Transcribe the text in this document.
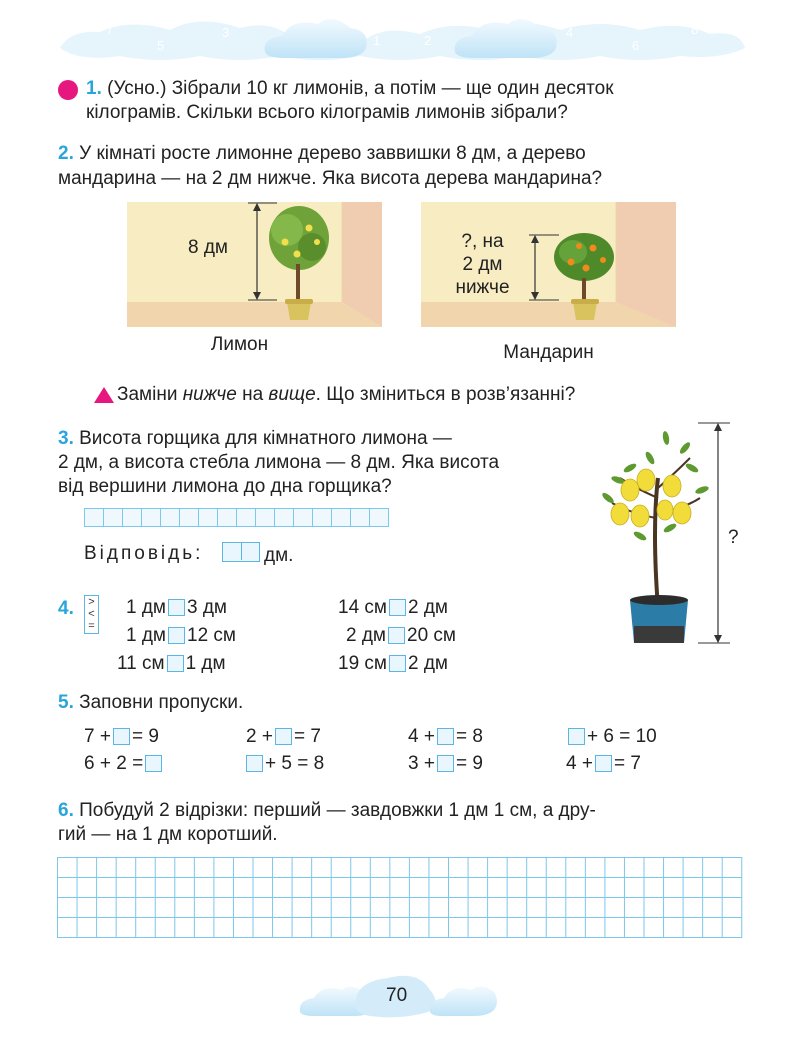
7
5
3
1
0
2
4
6
8
1. (Усно.) Зібрали 10 кг лимонів, а потім — ще один десяток
кілограмів. Скільки всього кілограмів лимонів зібрали?
2. У кімнаті росте лимонне дерево заввишки 8 дм, а дерево
мандарина — на 2 дм нижче. Яка висота дерева мандарина?
8 дм	?, на
2 дм
нижче
Лимон	Мандарин
Заміни нижче на вище. Що зміниться в розв’язанні?
3. Висота горщика для кімнатного лимона —
2 дм, а висота стебла лимона — 8 дм. Яка висота
від вершини лимона до дна горщика?
Відповідь:	дм.
?
4. >
<
=
1 дм 3 дм
1 дм 12 см
11 см 1 дм
14 см 2 дм
2 дм 20 см
19 см 2 дм
5. Заповни пропуски.
7 + = 9	2 + = 7	4 + = 8	+ 6 = 10
6 + 2 =	+ 5 = 8	3 + = 9	4 + = 7
6. Побудуй 2 відрізки: перший — завдовжки 1 дм 1 см, а дру-
гий — на 1 дм коротший.
70
